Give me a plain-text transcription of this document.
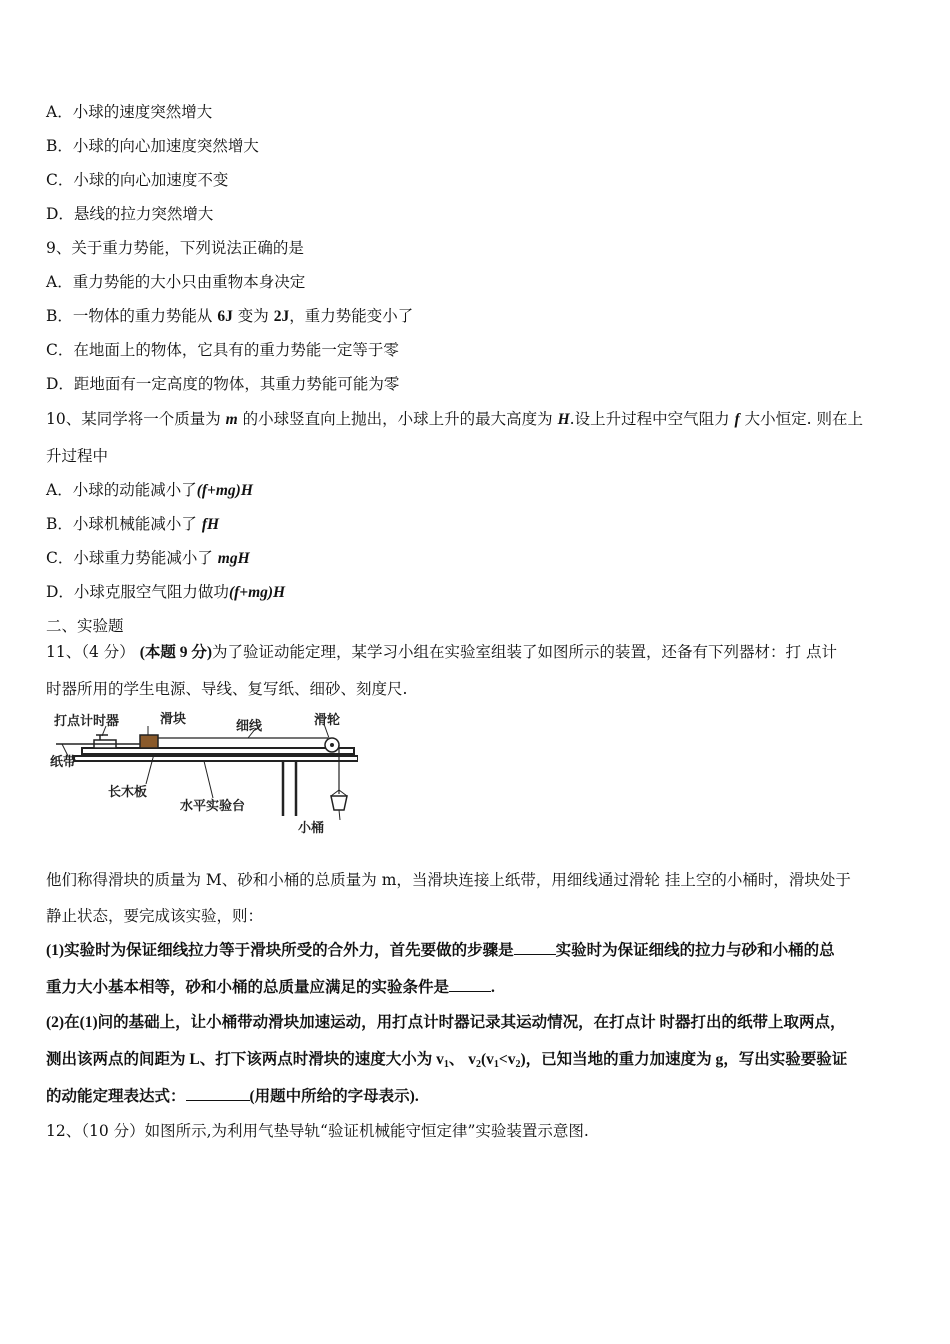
A．小球的速度突然增大
B．小球的向心加速度突然增大
C．小球的向心加速度不变
D．悬线的拉力突然增大
9、关于重力势能，下列说法正确的是
A．重力势能的大小只由重物本身决定
B．一物体的重力势能从 6J 变为 2J，重力势能变小了
C．在地面上的物体，它具有的重力势能一定等于零
D．距地面有一定高度的物体，其重力势能可能为零
10、某同学将一个质量为 m 的小球竖直向上抛出，小球上升的最大高度为 H.设上升过程中空气阻力 f 大小恒定. 则在上
升过程中
A．小球的动能减小了(f+mg)H
B．小球机械能减小了 fH
C．小球重力势能减小了 mgH
D．小球克服空气阻力做功(f+mg)H
二、实验题
11、（4 分） (本题 9 分)为了验证动能定理，某学习小组在实验室组装了如图所示的装置，还备有下列器材：打 点计
时器所用的学生电源、导线、复写纸、细砂、刻度尺.
打点计时器	滑块	细线	滑轮
纸带
长木板
水平实验台
小桶
他们称得滑块的质量为 M、砂和小桶的总质量为 m，当滑块连接上纸带，用细线通过滑轮 挂上空的小桶时，滑块处于
静止状态，要完成该实验，则：
(1)实验时为保证细线拉力等于滑块所受的合外力，首先要做的步骤是	实验时为保证细线的拉力与砂和小桶的总
重力大小基本相等，砂和小桶的总质量应满足的实验条件是	.
(2)在(1)问的基础上，让小桶带动滑块加速运动，用打点计时器记录其运动情况，在打点计 时器打出的纸带上取两点，
测出该两点的间距为 L、打下该两点时滑块的速度大小为 $v_1$、 $v_2(v_1<v_2)$，已知当地的重力加速度为 g，写出实验要验证
的动能定理表达式：	(用题中所给的字母表示).
12、（10 分）如图所示,为利用气垫导轨“验证机械能守恒定律”实验装置示意图.
